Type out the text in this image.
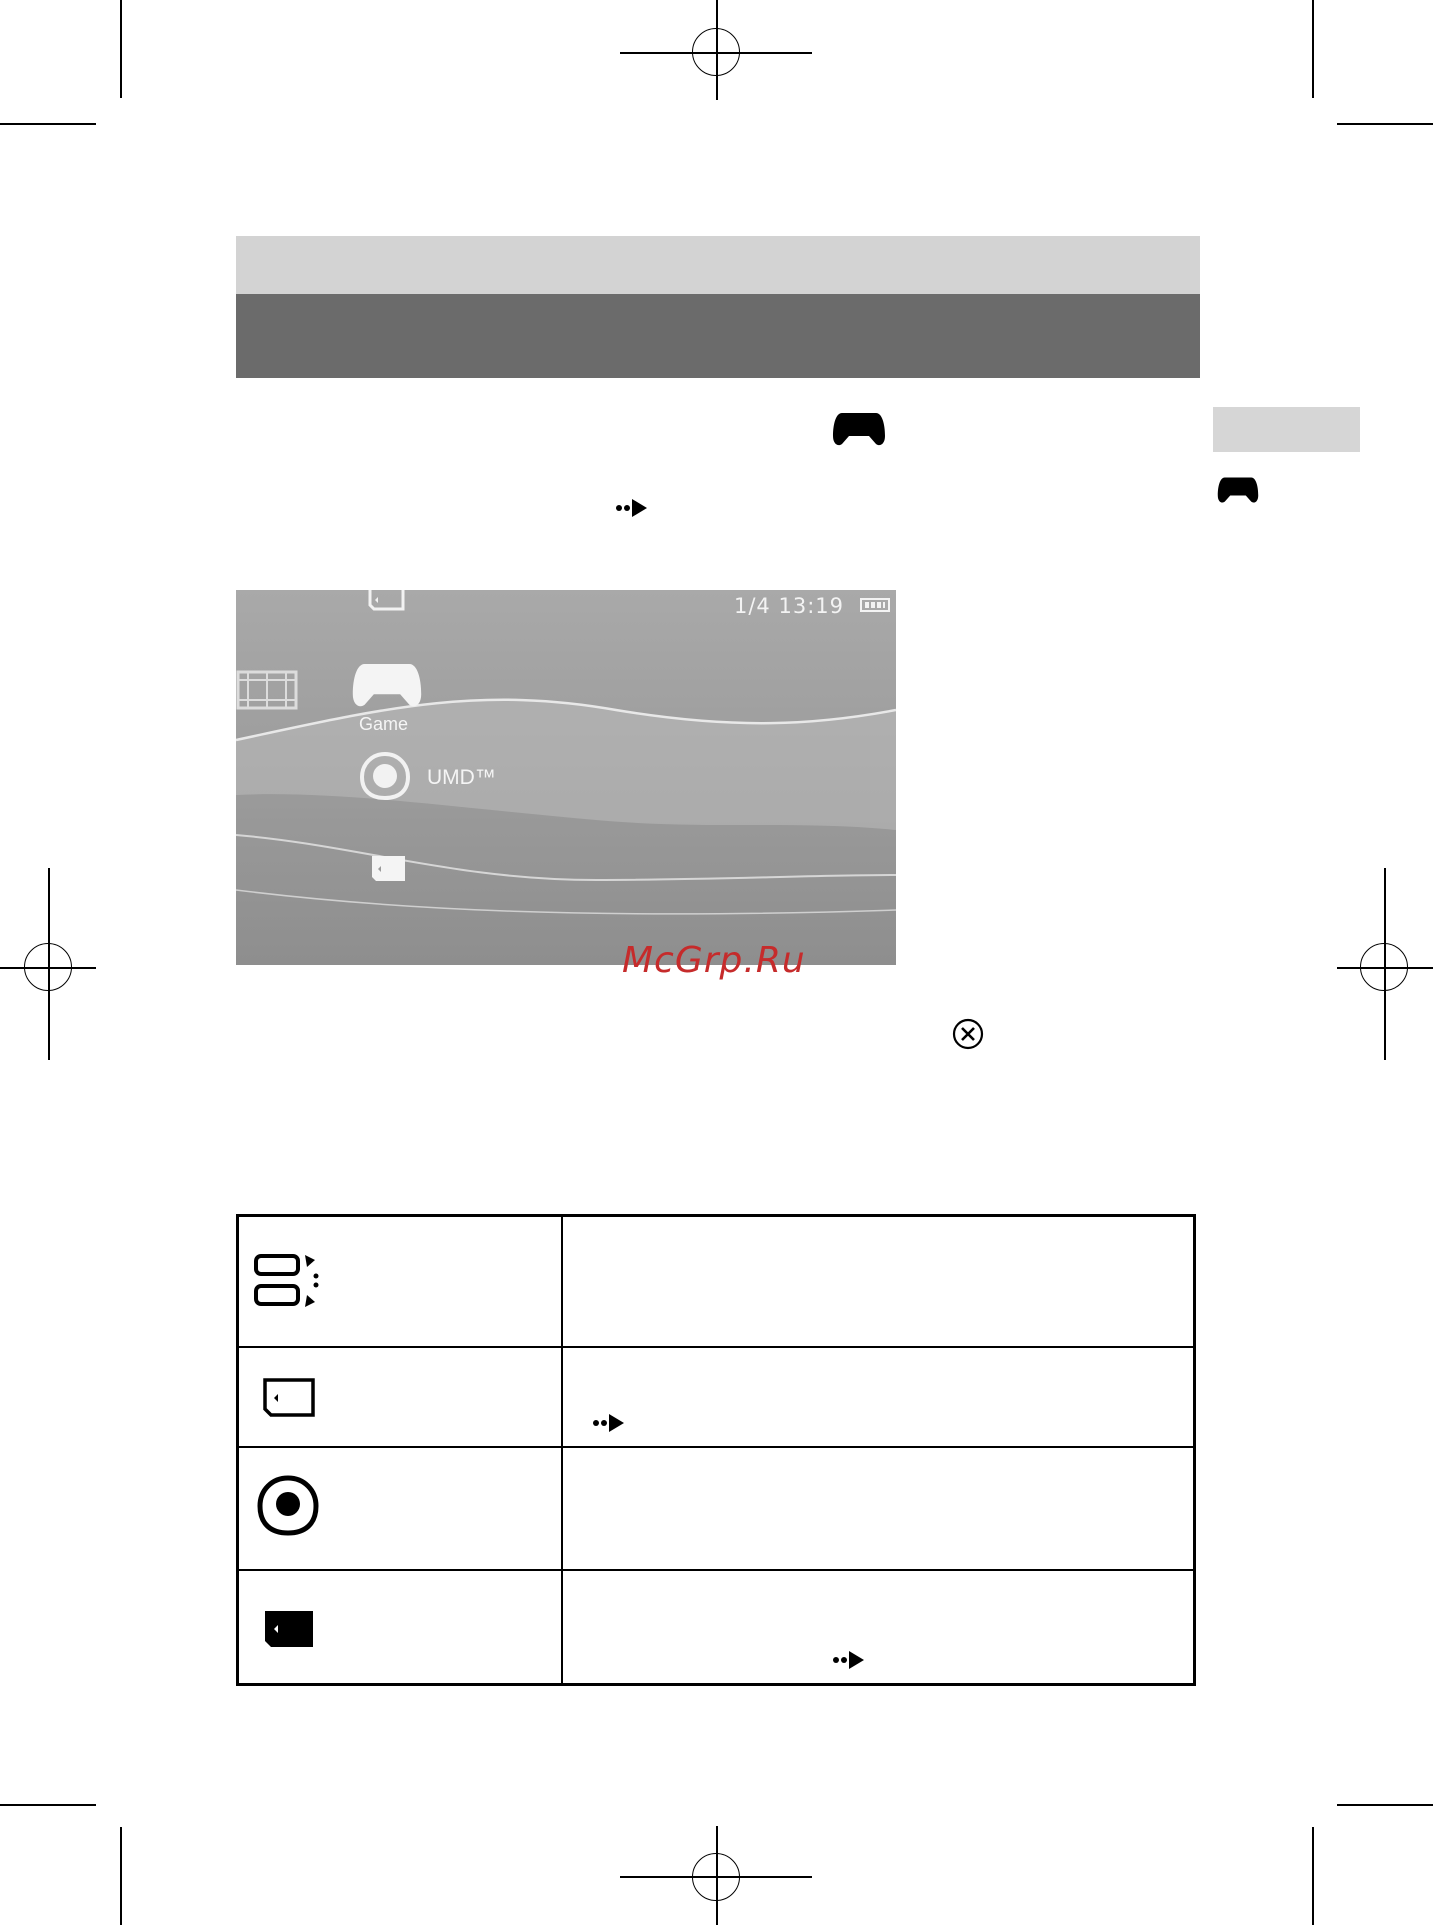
1/4 13:19
Game
UMD™
McGrp.Ru
